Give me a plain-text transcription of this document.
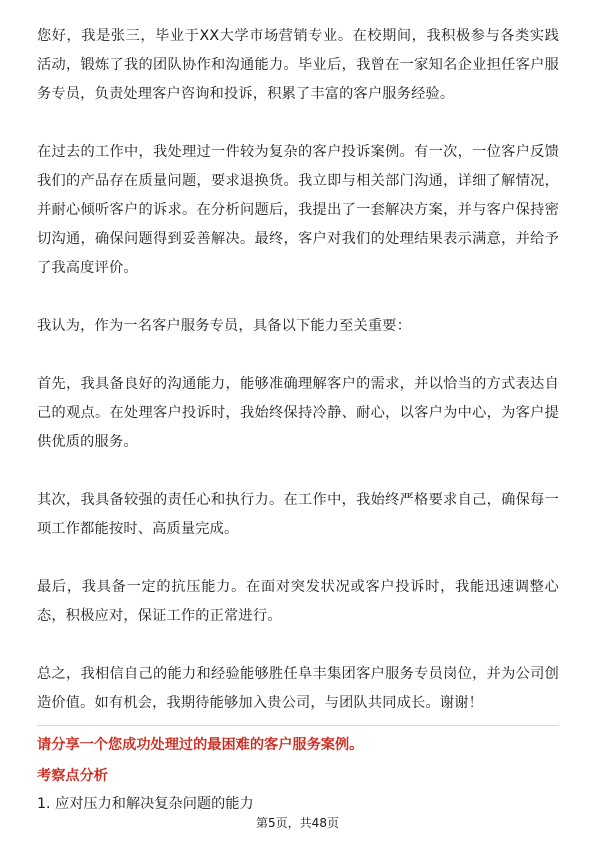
您好，我是张三，毕业于XX大学市场营销专业。在校期间，我积极参与各类实践活动，锻炼了我的团队协作和沟通能力。毕业后，我曾在一家知名企业担任客户服务专员，负责处理客户咨询和投诉，积累了丰富的客户服务经验。

在过去的工作中，我处理过一件较为复杂的客户投诉案例。有一次，一位客户反馈我们的产品存在质量问题，要求退换货。我立即与相关部门沟通，详细了解情况，并耐心倾听客户的诉求。在分析问题后，我提出了一套解决方案，并与客户保持密切沟通，确保问题得到妥善解决。最终，客户对我们的处理结果表示满意，并给予了我高度评价。

我认为，作为一名客户服务专员，具备以下能力至关重要：

首先，我具备良好的沟通能力，能够准确理解客户的需求，并以恰当的方式表达自己的观点。在处理客户投诉时，我始终保持冷静、耐心，以客户为中心，为客户提供优质的服务。

其次，我具备较强的责任心和执行力。在工作中，我始终严格要求自己，确保每一项工作都能按时、高质量完成。

最后，我具备一定的抗压能力。在面对突发状况或客户投诉时，我能迅速调整心态，积极应对，保证工作的正常进行。

总之，我相信自己的能力和经验能够胜任阜丰集团客户服务专员岗位，并为公司创造价值。如有机会，我期待能够加入贵公司，与团队共同成长。谢谢！

请分享一个您成功处理过的最困难的客户服务案例。
考察点分析
1. 应对压力和解决复杂问题的能力
第5页，共48页
